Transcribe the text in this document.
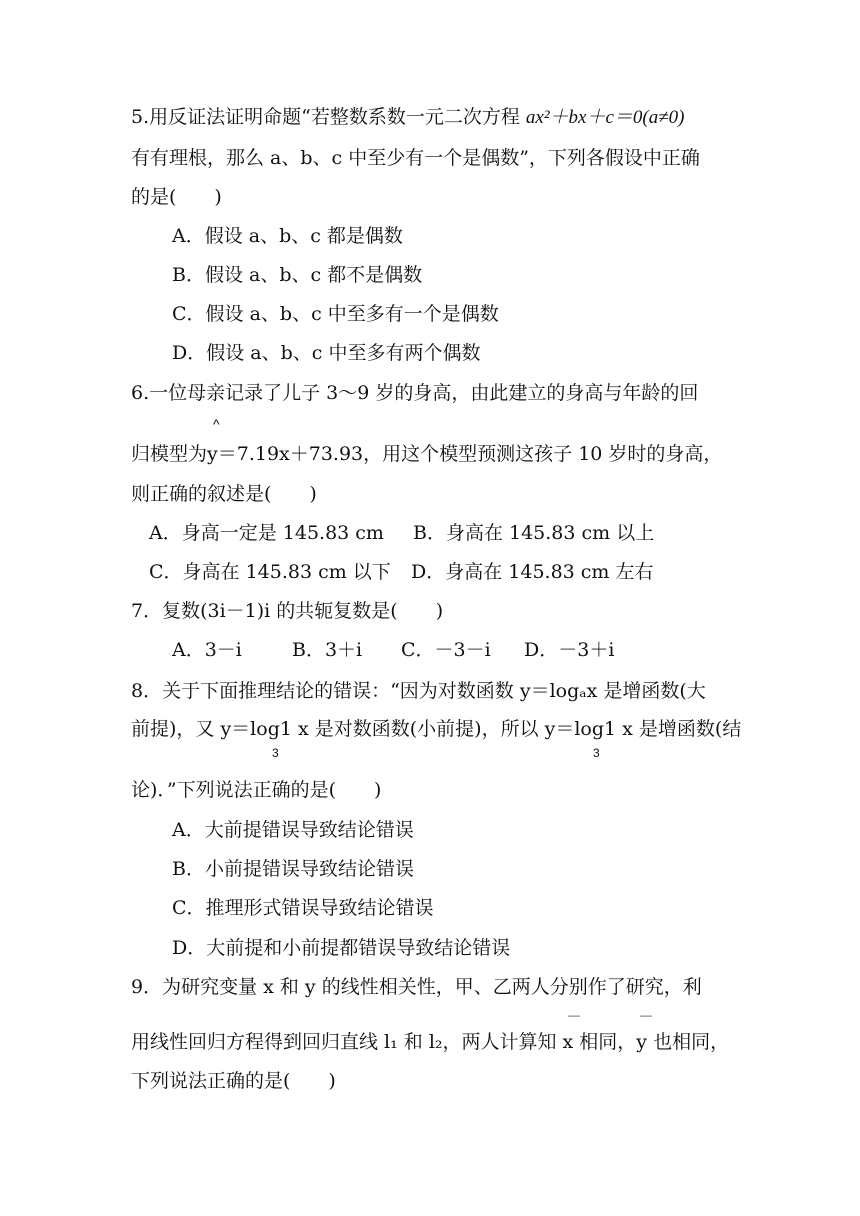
5.用反证法证明命题“若整数系数一元二次方程 ax²＋bx＋c＝0(a≠0)
有有理根，那么 a、b、c 中至少有一个是偶数”，下列各假设中正确
的是(　　)
A．假设 a、b、c 都是偶数
B．假设 a、b、c 都不是偶数
C．假设 a、b、c 中至多有一个是偶数
D．假设 a、b、c 中至多有两个偶数
6.一位母亲记录了儿子 3～9 岁的身高，由此建立的身高与年龄的回
^
归模型为y＝7.19x＋73.93，用这个模型预测这孩子 10 岁时的身高，
则正确的叙述是(　　)
A．身高一定是 145.83 cm B．身高在 145.83 cm 以上
C．身高在 145.83 cm 以下 D．身高在 145.83 cm 左右
7．复数(3i－1)i 的共轭复数是(　　)
A．3－i	B．3＋i C．－3－i D．－3＋i
8．关于下面推理结论的错误：“因为对数函数 y＝logₐx 是增函数(大
前提)，又 y＝log1 x 是对数函数(小前提)，所以 y＝log1 x 是增函数(结
3	3
论)．”下列说法正确的是(　　)
A．大前提错误导致结论错误
B．小前提错误导致结论错误
C．推理形式错误导致结论错误
D．大前提和小前提都错误导致结论错误
9．为研究变量 x 和 y 的线性相关性，甲、乙两人分别作了研究，利
—	—
用线性回归方程得到回归直线 l₁ 和 l₂，两人计算知 x 相同，y 也相同，
下列说法正确的是(　　)
